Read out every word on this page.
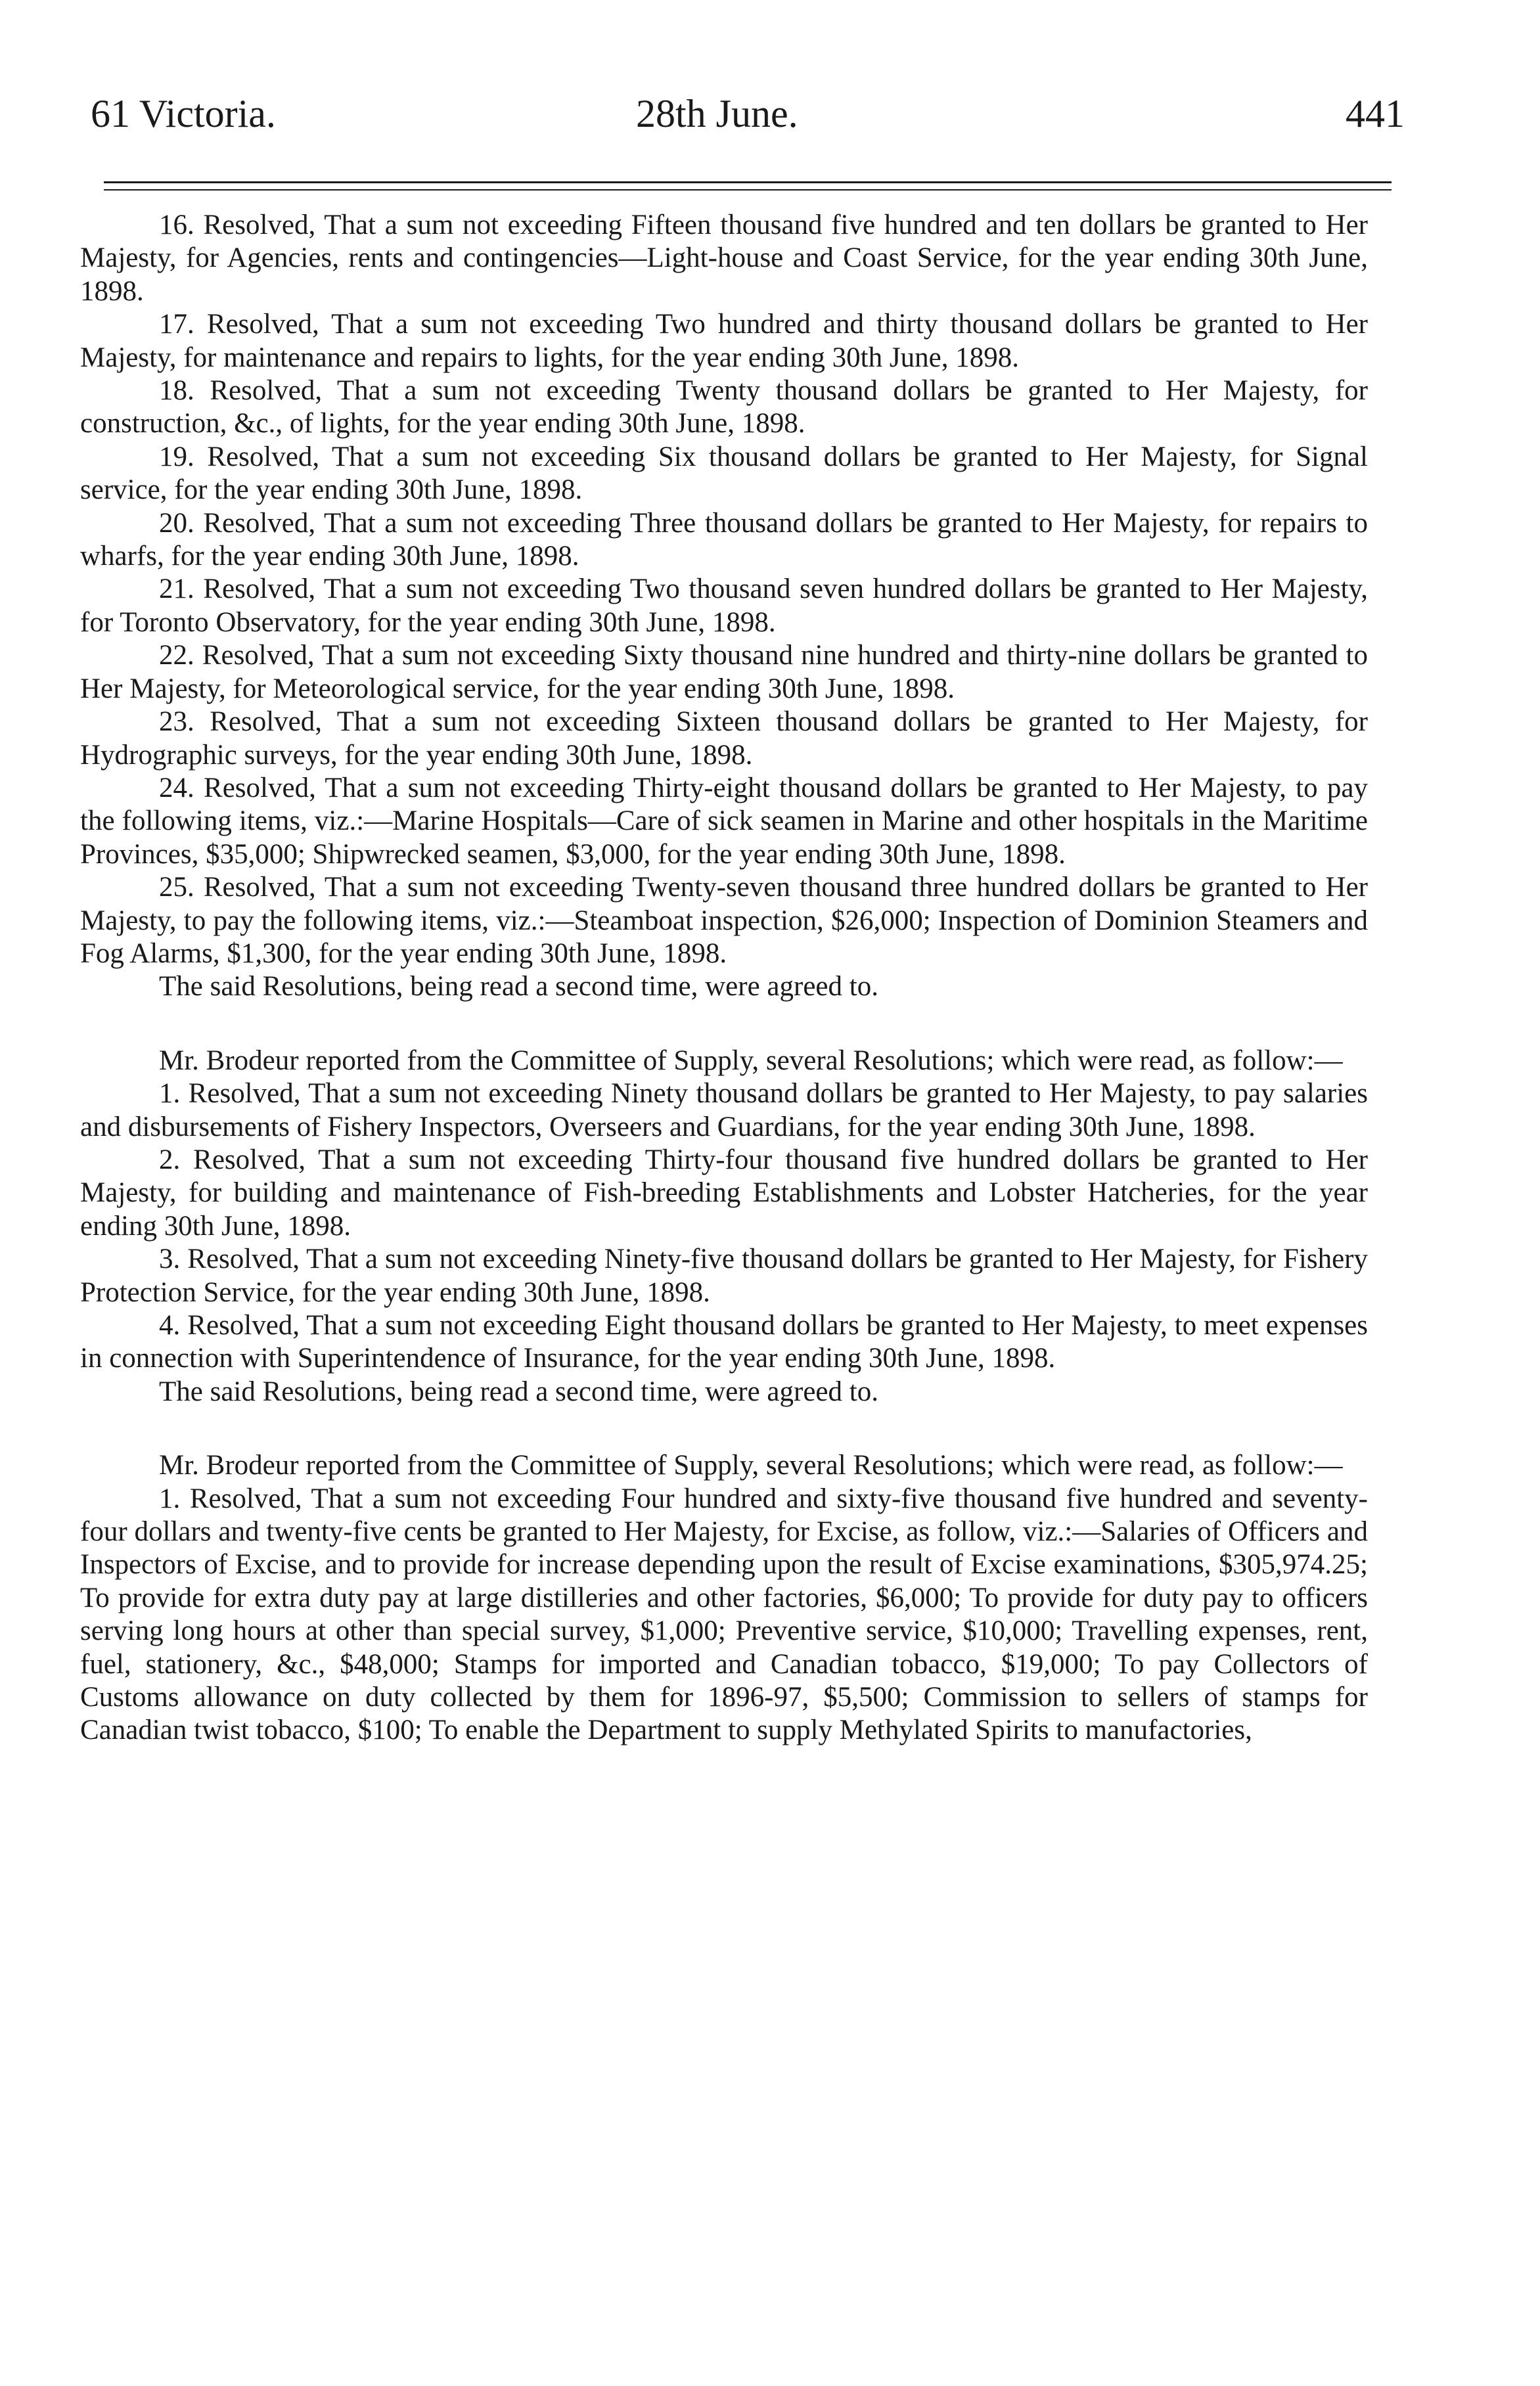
61 Victoria.	28th June.	441

16. Resolved, That a sum not exceeding Fifteen thousand five hundred and ten dollars be granted to Her Majesty, for Agencies, rents and contingencies—Light-house and Coast Service, for the year ending 30th June, 1898.

17. Resolved, That a sum not exceeding Two hundred and thirty thousand dollars be granted to Her Majesty, for maintenance and repairs to lights, for the year ending 30th June, 1898.

18. Resolved, That a sum not exceeding Twenty thousand dollars be granted to Her Majesty, for construction, &c., of lights, for the year ending 30th June, 1898.

19. Resolved, That a sum not exceeding Six thousand dollars be granted to Her Majesty, for Signal service, for the year ending 30th June, 1898.

20. Resolved, That a sum not exceeding Three thousand dollars be granted to Her Majesty, for repairs to wharfs, for the year ending 30th June, 1898.

21. Resolved, That a sum not exceeding Two thousand seven hundred dollars be granted to Her Majesty, for Toronto Observatory, for the year ending 30th June, 1898.

22. Resolved, That a sum not exceeding Sixty thousand nine hundred and thirty-nine dollars be granted to Her Majesty, for Meteorological service, for the year ending 30th June, 1898.

23. Resolved, That a sum not exceeding Sixteen thousand dollars be granted to Her Majesty, for Hydrographic surveys, for the year ending 30th June, 1898.

24. Resolved, That a sum not exceeding Thirty-eight thousand dollars be granted to Her Majesty, to pay the following items, viz.:—Marine Hospitals—Care of sick seamen in Marine and other hospitals in the Maritime Provinces, $35,000; Shipwrecked seamen, $3,000, for the year ending 30th June, 1898.

25. Resolved, That a sum not exceeding Twenty-seven thousand three hundred dollars be granted to Her Majesty, to pay the following items, viz.:—Steamboat inspection, $26,000; Inspection of Dominion Steamers and Fog Alarms, $1,300, for the year ending 30th June, 1898.

The said Resolutions, being read a second time, were agreed to.

Mr. Brodeur reported from the Committee of Supply, several Resolutions; which were read, as follow:—

1. Resolved, That a sum not exceeding Ninety thousand dollars be granted to Her Majesty, to pay salaries and disbursements of Fishery Inspectors, Overseers and Guardians, for the year ending 30th June, 1898.

2. Resolved, That a sum not exceeding Thirty-four thousand five hundred dollars be granted to Her Majesty, for building and maintenance of Fish-breeding Establishments and Lobster Hatcheries, for the year ending 30th June, 1898.

3. Resolved, That a sum not exceeding Ninety-five thousand dollars be granted to Her Majesty, for Fishery Protection Service, for the year ending 30th June, 1898.

4. Resolved, That a sum not exceeding Eight thousand dollars be granted to Her Majesty, to meet expenses in connection with Superintendence of Insurance, for the year ending 30th June, 1898.

The said Resolutions, being read a second time, were agreed to.

Mr. Brodeur reported from the Committee of Supply, several Resolutions; which were read, as follow:—

1. Resolved, That a sum not exceeding Four hundred and sixty-five thousand five hundred and seventy-four dollars and twenty-five cents be granted to Her Majesty, for Excise, as follow, viz.:—Salaries of Officers and Inspectors of Excise, and to provide for increase depending upon the result of Excise examinations, $305,974.25; To provide for extra duty pay at large distilleries and other factories, $6,000; To provide for duty pay to officers serving long hours at other than special survey, $1,000; Preventive service, $10,000; Travelling expenses, rent, fuel, stationery, &c., $48,000; Stamps for imported and Canadian tobacco, $19,000; To pay Collectors of Customs allowance on duty collected by them for 1896-97, $5,500; Commission to sellers of stamps for Canadian twist tobacco, $100; To enable the Department to supply Methylated Spirits to manufactories,
